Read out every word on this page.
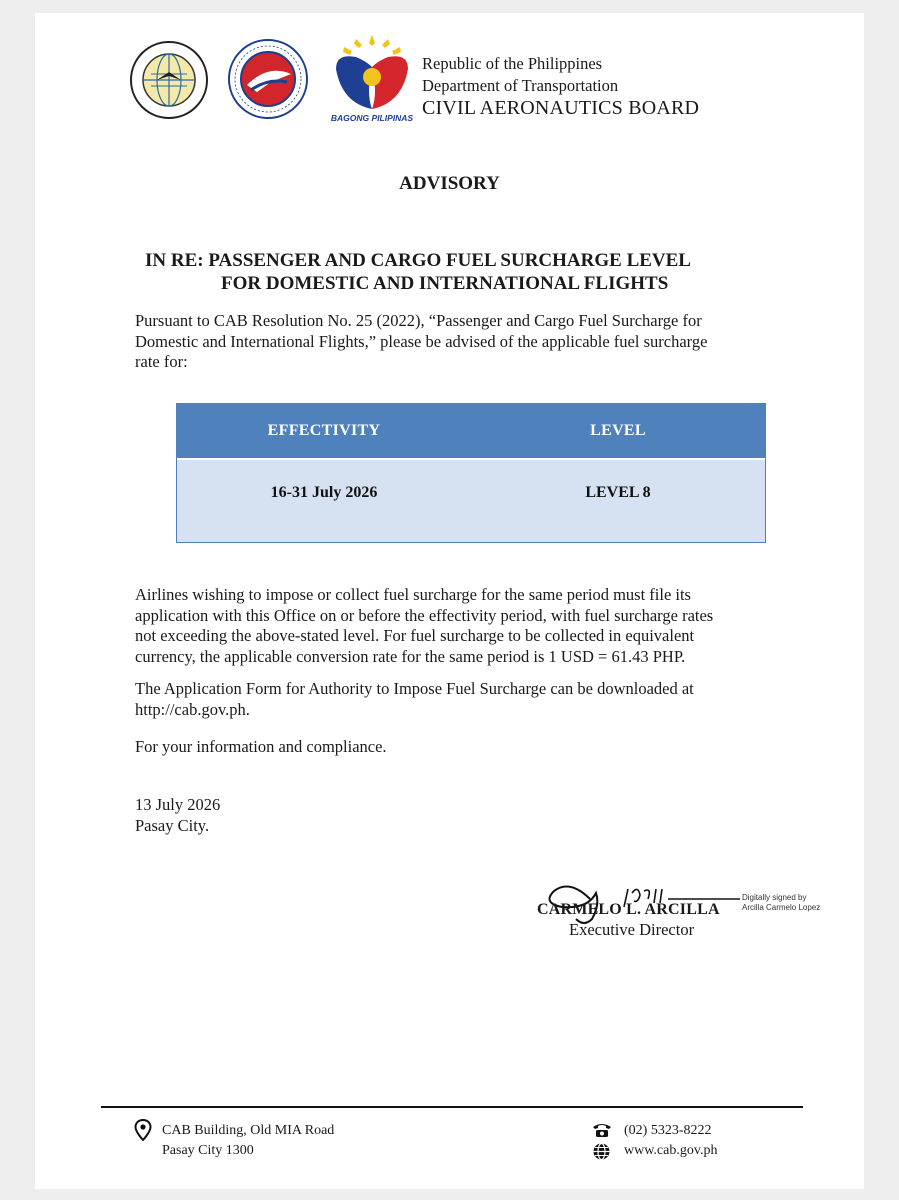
BAGONG PILIPINAS
Republic of the Philippines
Department of Transportation
CIVIL AERONAUTICS BOARD
ADVISORY
IN RE: PASSENGER AND CARGO FUEL SURCHARGE LEVEL
FOR DOMESTIC AND INTERNATIONAL FLIGHTS
Pursuant to CAB Resolution No. 25 (2022), “Passenger and Cargo Fuel Surcharge for
Domestic and International Flights,” please be advised of the applicable fuel surcharge
rate for:
EFFECTIVITY	LEVEL
16-31 July 2026	LEVEL 8
Airlines wishing to impose or collect fuel surcharge for the same period must file its
application with this Office on or before the effectivity period, with fuel surcharge rates
not exceeding the above-stated level. For fuel surcharge to be collected in equivalent
currency, the applicable conversion rate for the same period is 1 USD = 61.43 PHP.
The Application Form for Authority to Impose Fuel Surcharge can be downloaded at
http://cab.gov.ph.
For your information and compliance.
13 July 2026
Pasay City.
CARMELO L. ARCILLA
Executive Director
Digitally signed by
Arcilla Carmelo Lopez
CAB Building, Old MIA Road
Pasay City 1300
(02) 5323-8222
www.cab.gov.ph
